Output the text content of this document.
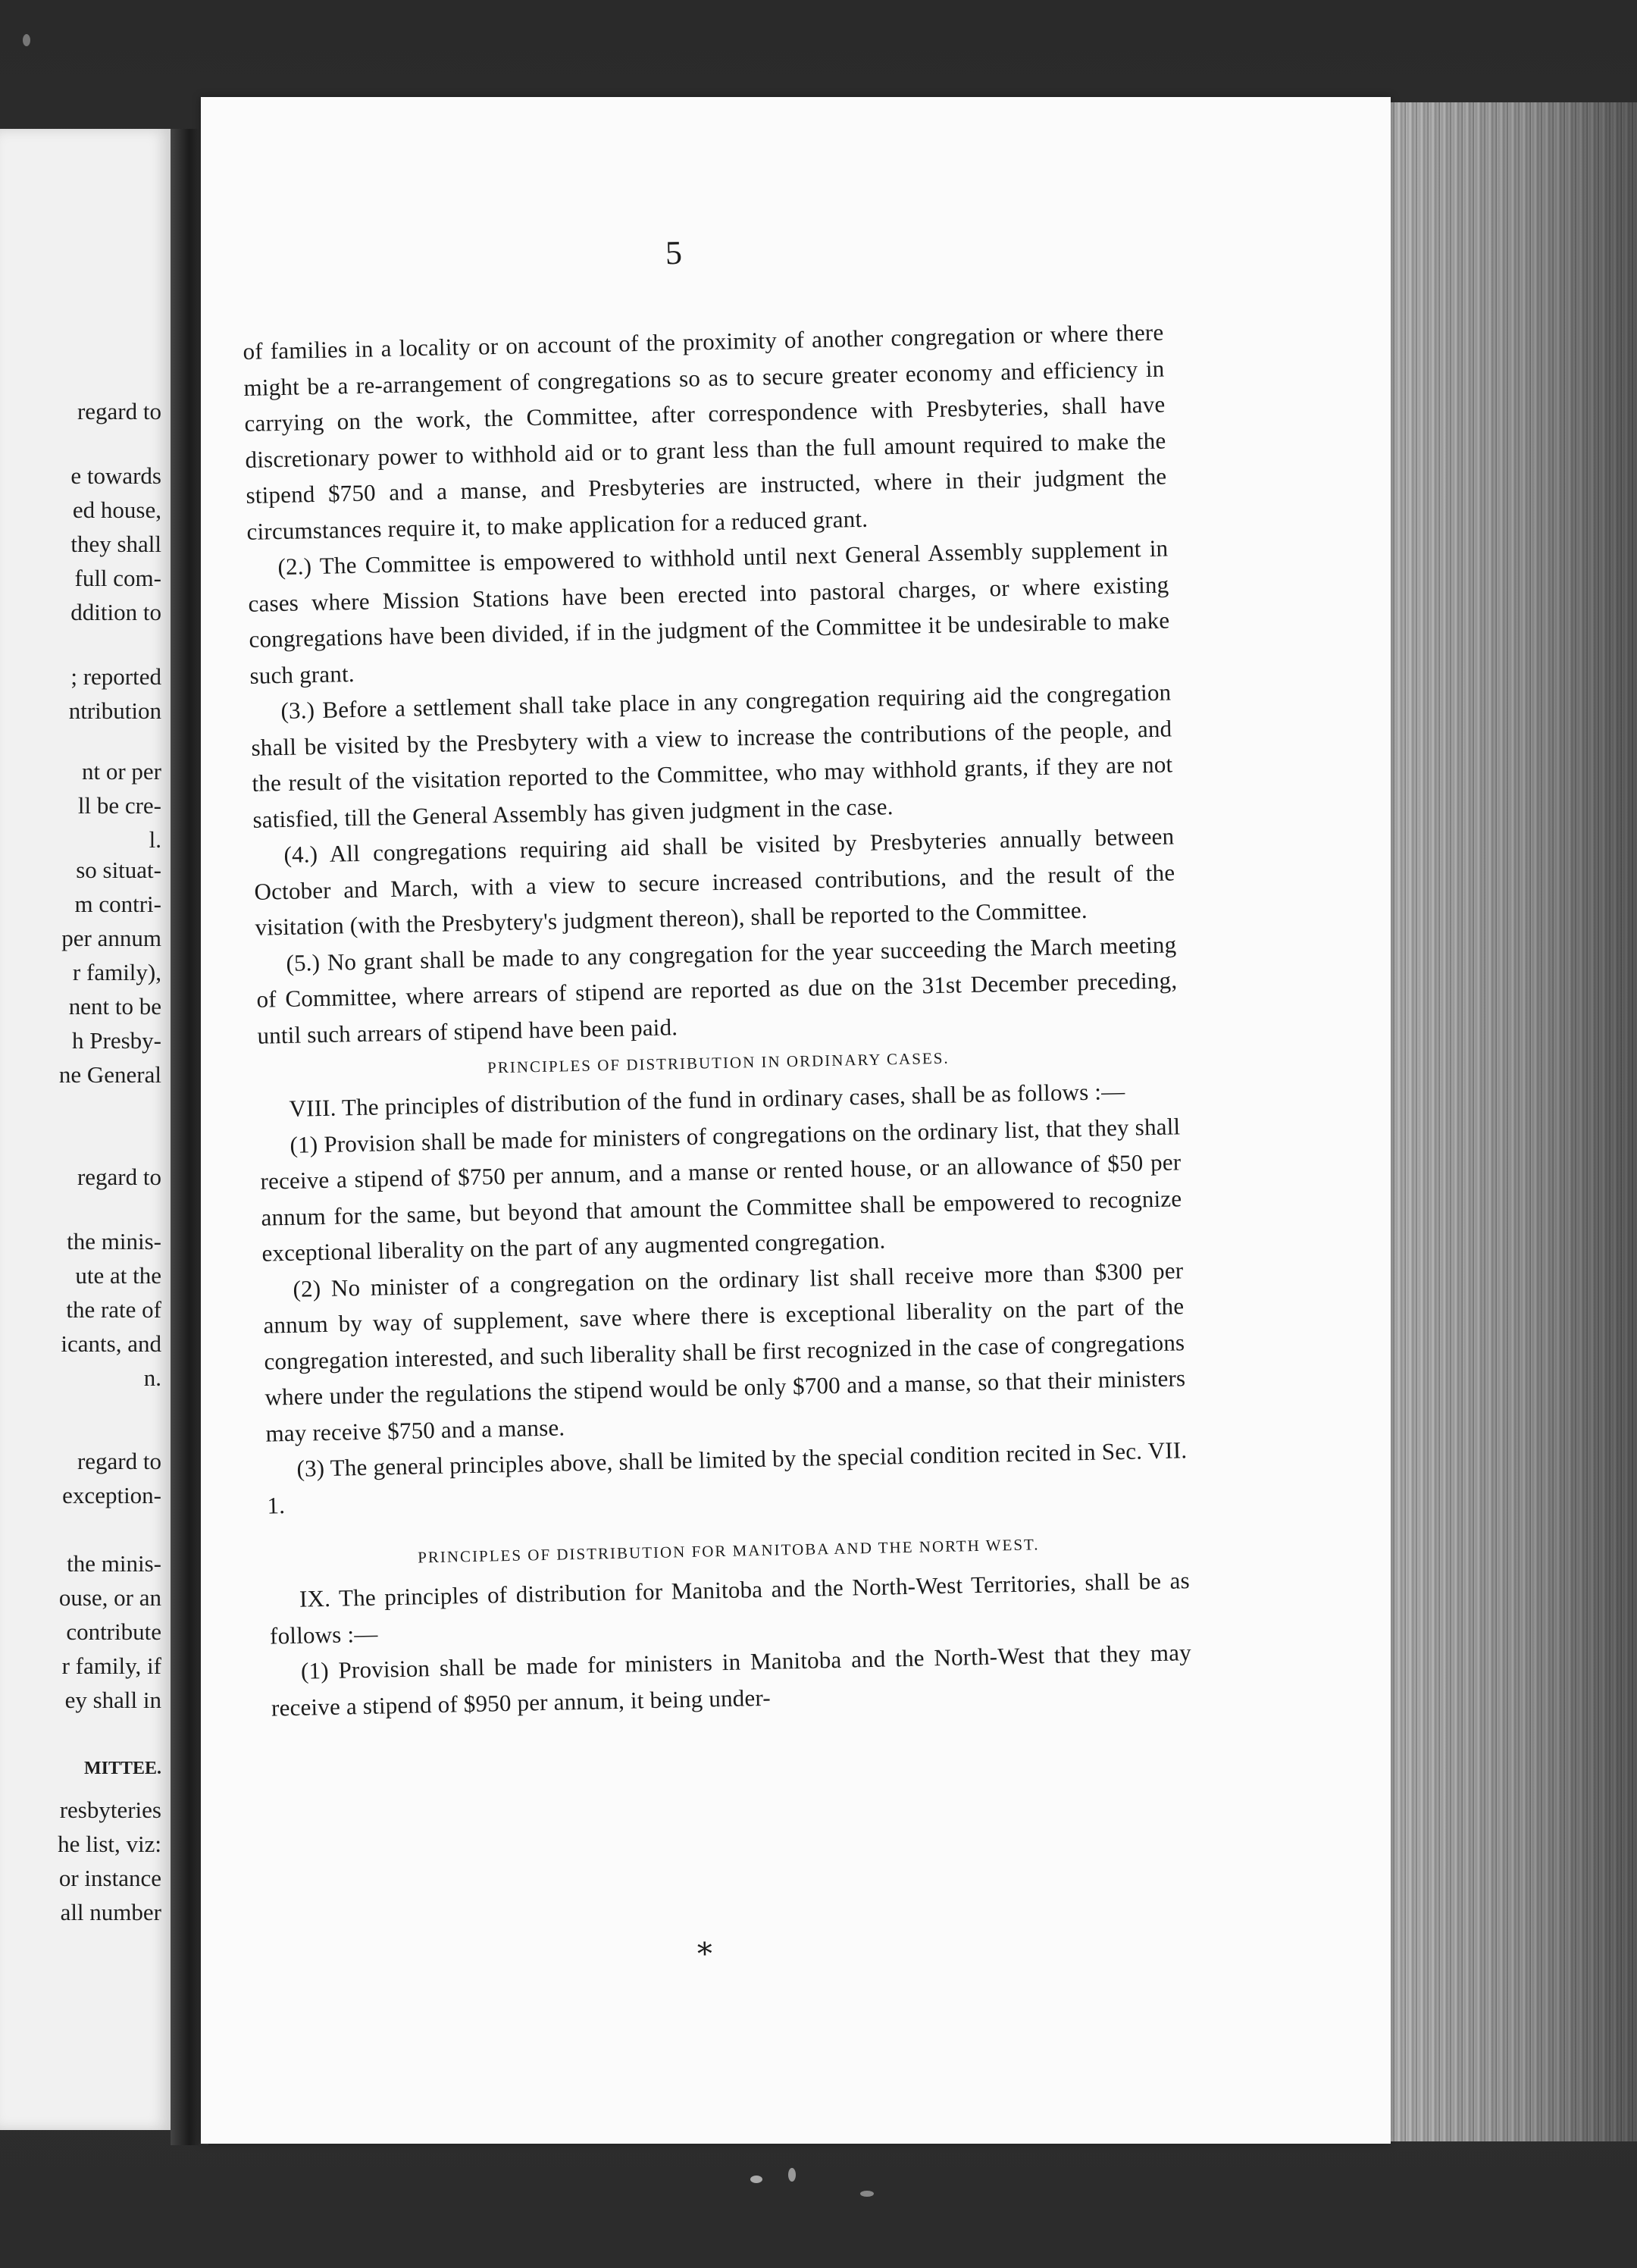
regard to
e towards
ed house,
they shall
full com-
ddition to
; reported
ntribution
nt or per
ll be cre-
l.
so situat-
m contri-
per annum
r family),
nent to be
h Presby-
ne General
regard to
the minis-
ute at the
the rate of
icants, and
n.
regard to
exception-
the minis-
ouse, or an
contribute
r family, if
ey shall in
MITTEE.
resbyteries
he list, viz:
or instance
all number
5

of families in a locality or on account of the proximity of another congregation or where there might be a re-arrangement of congregations so as to secure greater economy and efficiency in carrying on the work, the Committee, after correspondence with Presbyteries, shall have discretionary power to withhold aid or to grant less than the full amount required to make the stipend $750 and a manse, and Presbyteries are instructed, where in their judgment the circumstances require it, to make application for a reduced grant.

(2.) The Committee is empowered to withhold until next General Assembly supplement in cases where Mission Stations have been erected into pastoral charges, or where existing congregations have been divided, if in the judgment of the Committee it be undesirable to make such grant.

(3.) Before a settlement shall take place in any congregation requiring aid the congregation shall be visited by the Presbytery with a view to increase the contributions of the people, and the result of the visitation reported to the Committee, who may withhold grants, if they are not satisfied, till the General Assembly has given judgment in the case.

(4.) All congregations requiring aid shall be visited by Presbyteries annually between October and March, with a view to secure increased contributions, and the result of the visitation (with the Presbytery's judgment thereon), shall be reported to the Committee.

(5.) No grant shall be made to any congregation for the year succeeding the March meeting of Committee, where arrears of stipend are reported as due on the 31st December preceding, until such arrears of stipend have been paid.

PRINCIPLES OF DISTRIBUTION IN ORDINARY CASES.

VIII. The principles of distribution of the fund in ordinary cases, shall be as follows :—

(1) Provision shall be made for ministers of congregations on the ordinary list, that they shall receive a stipend of $750 per annum, and a manse or rented house, or an allowance of $50 per annum for the same, but beyond that amount the Committee shall be empowered to recognize exceptional liberality on the part of any augmented congregation.

(2) No minister of a congregation on the ordinary list shall receive more than $300 per annum by way of supplement, save where there is exceptional liberality on the part of the congregation interested, and such liberality shall be first recognized in the case of congregations where under the regulations the stipend would be only $700 and a manse, so that their ministers may receive $750 and a manse.

(3) The general principles above, shall be limited by the special condition recited in Sec. VII. 1.

PRINCIPLES OF DISTRIBUTION FOR MANITOBA AND THE NORTH WEST.

IX. The principles of distribution for Manitoba and the North-West Territories, shall be as follows :—

(1) Provision shall be made for ministers in Manitoba and the North-West that they may receive a stipend of $950 per annum, it being under-

*
